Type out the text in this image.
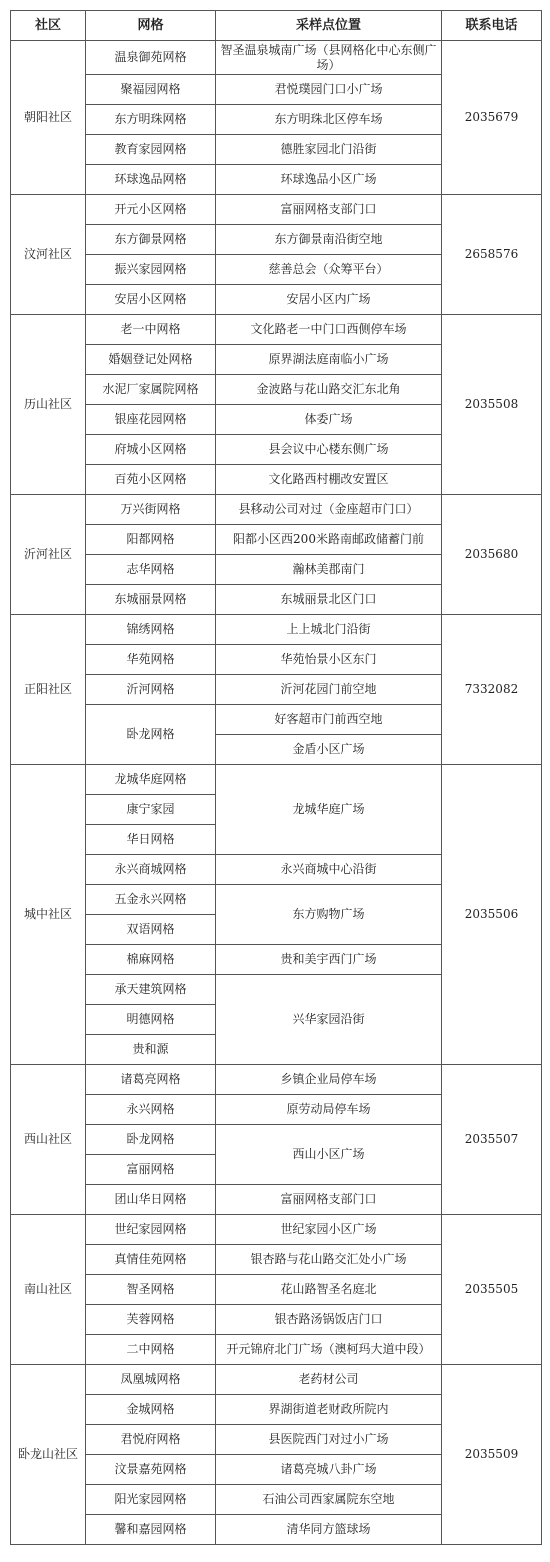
社区	网格	采样点位置	联系电话
朝阳社区	温泉御苑网格	智圣温泉城南广场（县网格化中心东侧广场）	2035679
	聚福园网格	君悦璞园门口小广场	
	东方明珠网格	东方明珠北区停车场	
	教育家园网格	德胜家园北门沿街	
	环球逸品网格	环球逸品小区广场	
汶河社区	开元小区网格	富丽网格支部门口	2658576
	东方御景网格	东方御景南沿街空地	
	振兴家园网格	慈善总会（众筹平台）	
	安居小区网格	安居小区内广场	
历山社区	老一中网格	文化路老一中门口西侧停车场	2035508
	婚姻登记处网格	原界湖法庭南临小广场	
	水泥厂家属院网格	金波路与花山路交汇东北角	
	银座花园网格	体委广场	
	府城小区网格	县会议中心楼东侧广场	
	百苑小区网格	文化路西村棚改安置区	
沂河社区	万兴街网格	县移动公司对过（金座超市门口）	2035680
	阳都网格	阳都小区西200米路南邮政储蓄门前	
	志华网格	瀚林美郡南门	
	东城丽景网格	东城丽景北区门口	
正阳社区	锦绣网格	上上城北门沿街	7332082
	华苑网格	华苑怡景小区东门	
	沂河网格	沂河花园门前空地	
	卧龙网格	好客超市门前西空地	
		金盾小区广场	
城中社区	龙城华庭网格	龙城华庭广场	2035506
	康宁家园		
	华日网格		
	永兴商城网格	永兴商城中心沿街	
	五金永兴网格	东方购物广场	
	双语网格		
	棉麻网格	贵和美宇西门广场	
	承天建筑网格	兴华家园沿街	
	明德网格		
	贵和源		
西山社区	诸葛亮网格	乡镇企业局停车场	2035507
	永兴网格	原劳动局停车场	
	卧龙网格	西山小区广场	
	富丽网格		
	团山华日网格	富丽网格支部门口	
南山社区	世纪家园网格	世纪家园小区广场	2035505
	真情佳苑网格	银杏路与花山路交汇处小广场	
	智圣网格	花山路智圣名庭北	
	芙蓉网格	银杏路汤锅饭店门口	
	二中网格	开元锦府北门广场（澳柯玛大道中段）	
卧龙山社区	凤凰城网格	老药材公司	2035509
	金城网格	界湖街道老财政所院内	
	君悦府网格	县医院西门对过小广场	
	汶景嘉苑网格	诸葛亮城八卦广场	
	阳光家园网格	石油公司西家属院东空地	
	馨和嘉园网格	清华同方篮球场	
